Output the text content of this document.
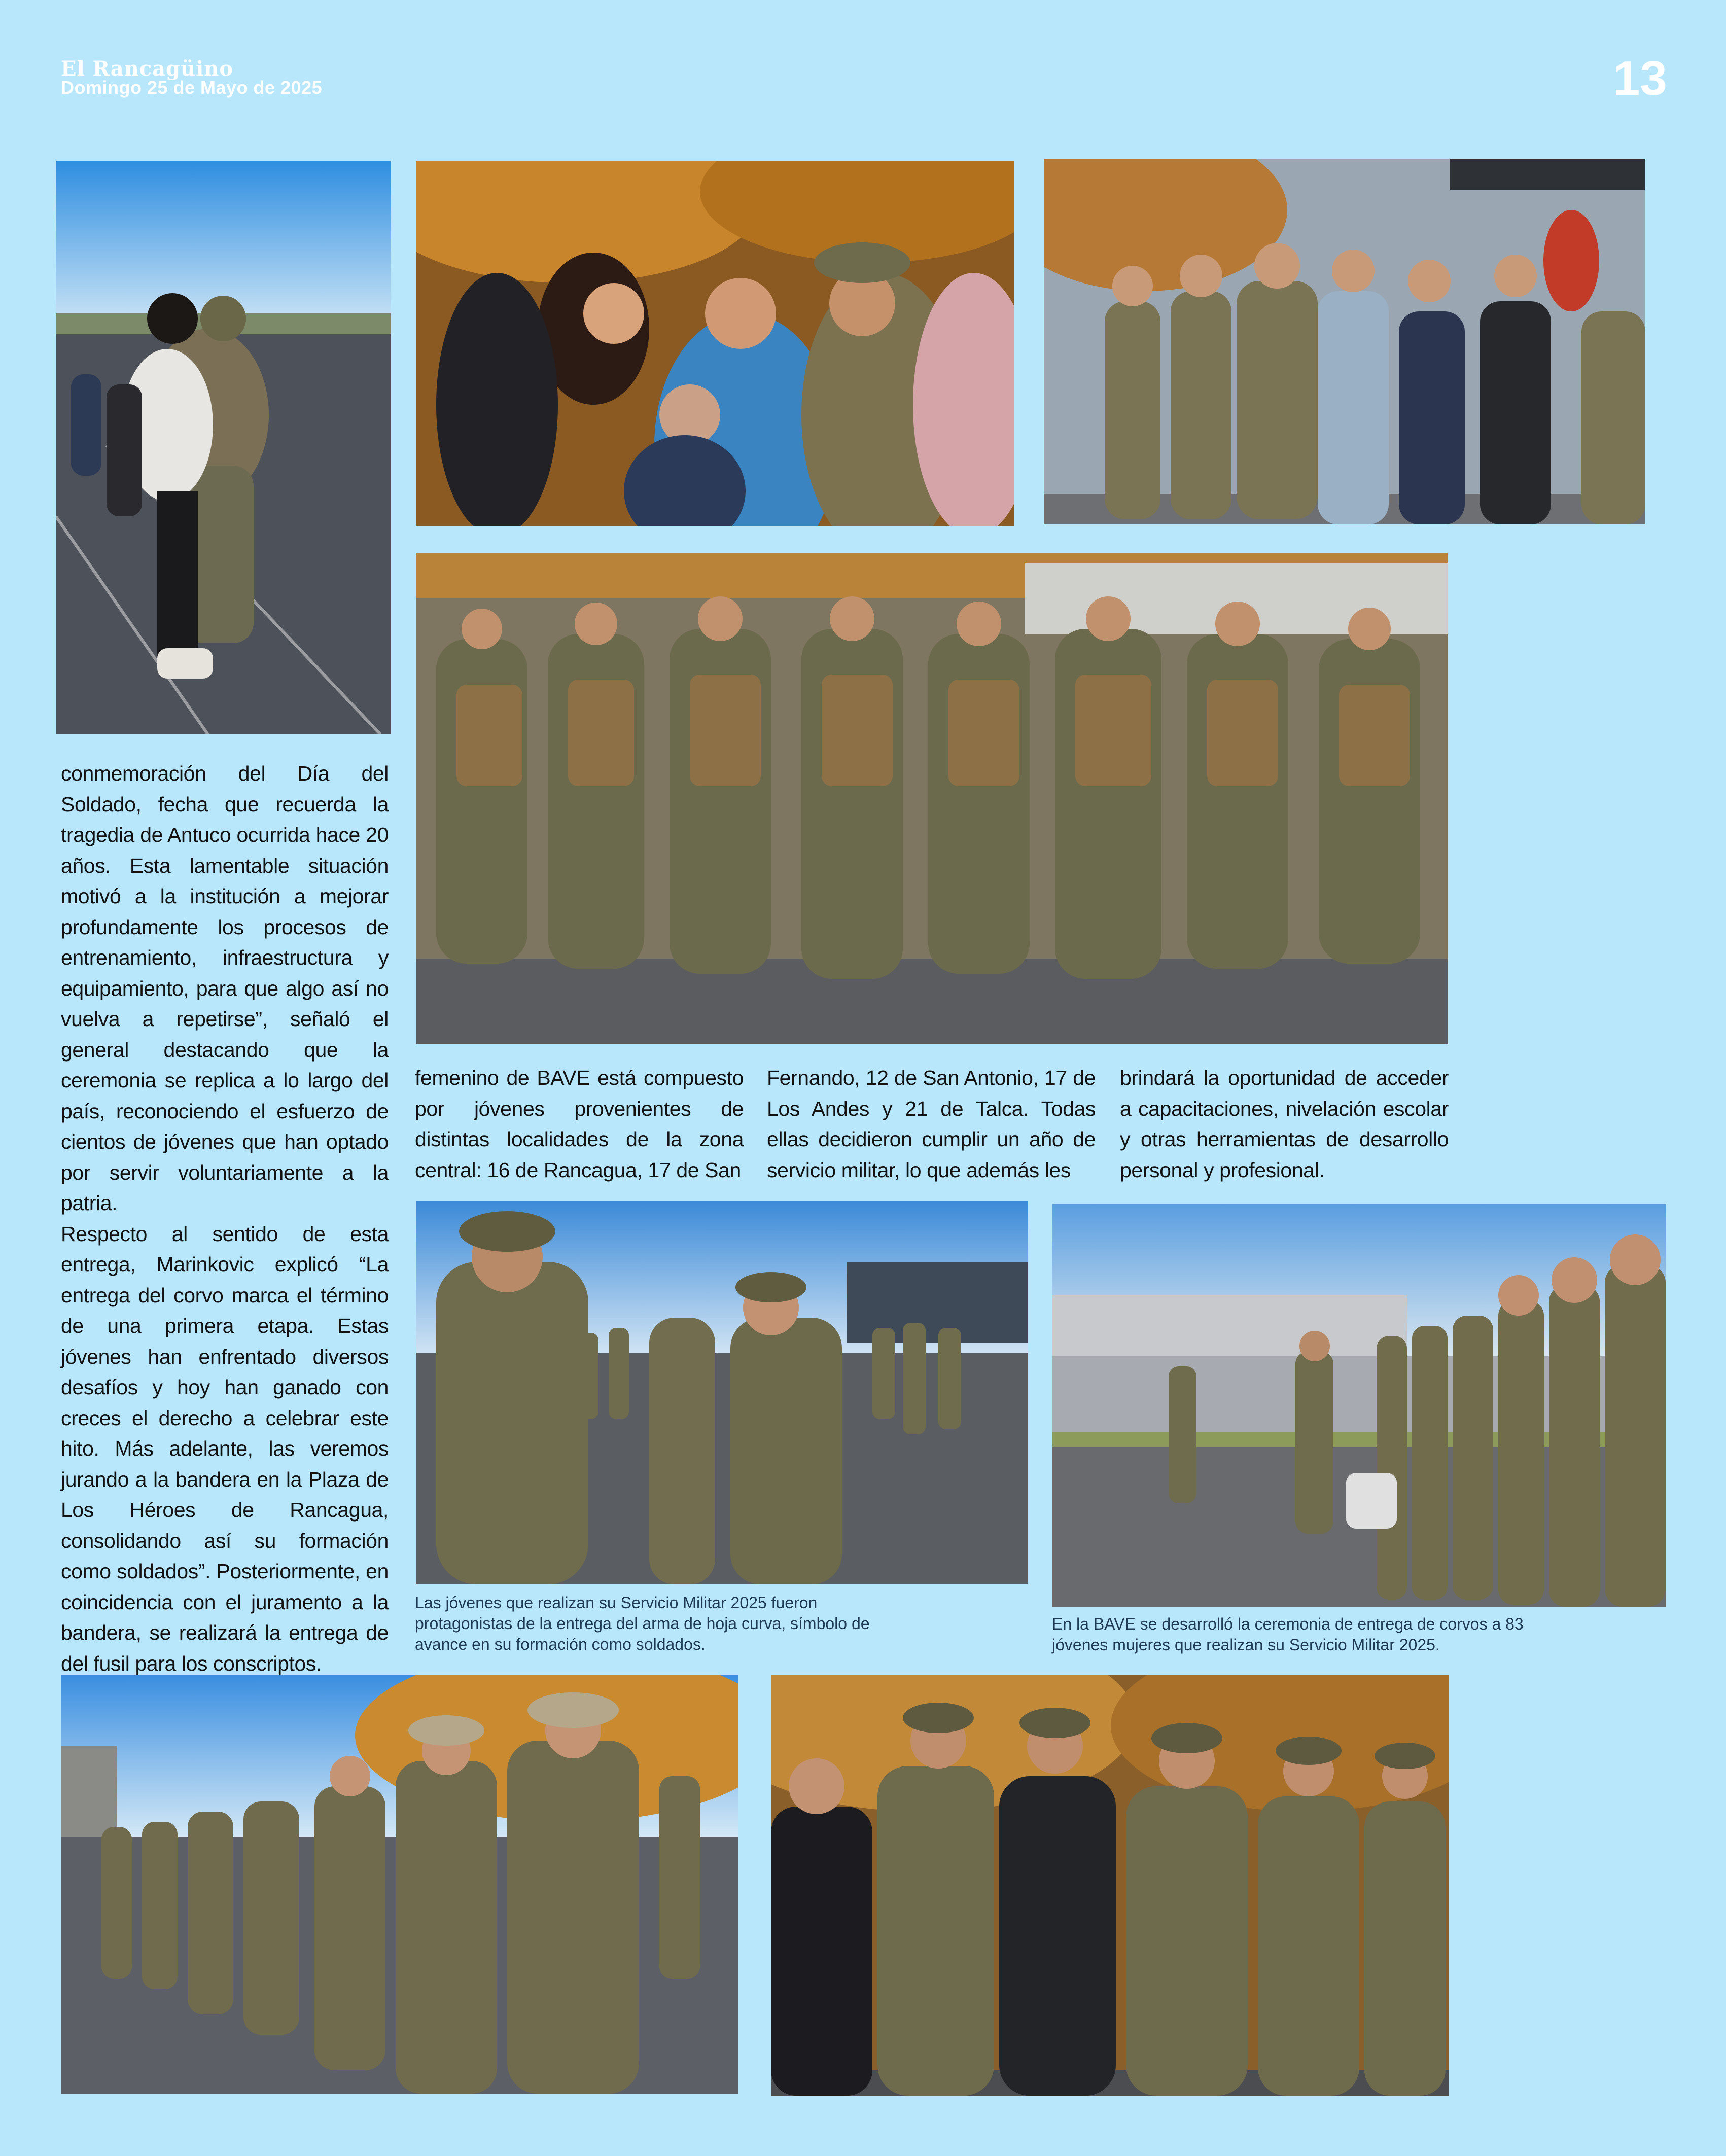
El Rancagüino
Domingo 25 de Mayo de 2025	13

conmemoración del Día del Soldado, fecha que recuerda la tragedia de Antuco ocurrida hace 20 años. Esta lamentable situación motivó a la institución a mejorar profundamente los procesos de entrenamiento, infraestructura y equipamiento, para que algo así no vuelva a repetirse”, señaló el general destacando que la ceremonia se replica a lo largo del país, reconociendo el esfuerzo de cientos de jóvenes que han optado por servir voluntariamente a la patria.

Respecto al sentido de esta entrega, Marinkovic explicó “La entrega del corvo marca el término de una primera etapa. Estas jóvenes han enfrentado diversos desafíos y hoy han ganado con creces el derecho a celebrar este hito. Más adelante, las veremos jurando a la bandera en la Plaza de Los Héroes de Rancagua, consolidando así su formación como soldados”. Posteriormente, en coincidencia con el juramento a la bandera, se realizará la entrega de del fusil para los conscriptos.

femenino de BAVE está compuesto por jóvenes provenientes de distintas localidades de la zona central: 16 de Rancagua, 17 de San
Fernando, 12 de San Antonio, 17 de Los Andes y 21 de Talca. Todas ellas decidieron cumplir un año de servicio militar, lo que además les
brindará la oportunidad de acceder a capacitaciones, nivelación escolar y otras herramientas de desarrollo personal y profesional.
Las jóvenes que realizan su Servicio Militar 2025 fueron protagonistas de la entrega del arma de hoja curva, símbolo de avance en su formación como soldados.
En la BAVE se desarrolló la ceremonia de entrega de corvos a 83 jóvenes mujeres que realizan su Servicio Militar 2025.
